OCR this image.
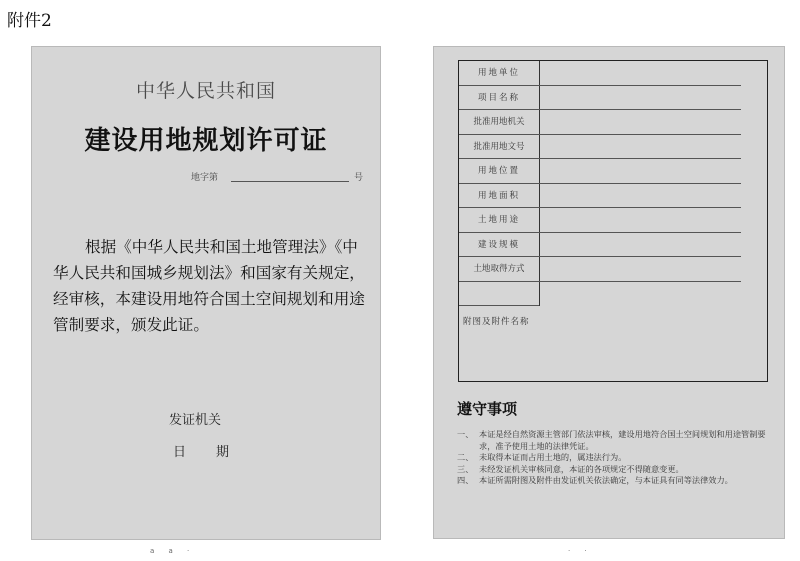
附件2
中华人民共和国
建设用地规划许可证
地字第	号
根据《中华人民共和国土地管理法》《中
华人民共和国城乡规划法》和国家有关规定，
经审核，本建设用地符合国土空间规划和用途
管制要求，颁发此证。
发证机关
日 期
用地单位
项目名称
批准用地机关
批准用地文号
用地位置
用地面积
土地用途
建设规模
土地取得方式
附图及附件名称
遵守事项
一、 本证是经自然资源主管部门依法审核，建设用地符合国土空间规划和用途管制要求，准予使用土地的法律凭证。
二、 未取得本证而占用土地的，属违法行为。
三、 未经发证机关审核同意，本证的各项规定不得随意变更。
四、 本证所需附图及附件由发证机关依法确定，与本证具有同等法律效力。
a a ·	· ·
